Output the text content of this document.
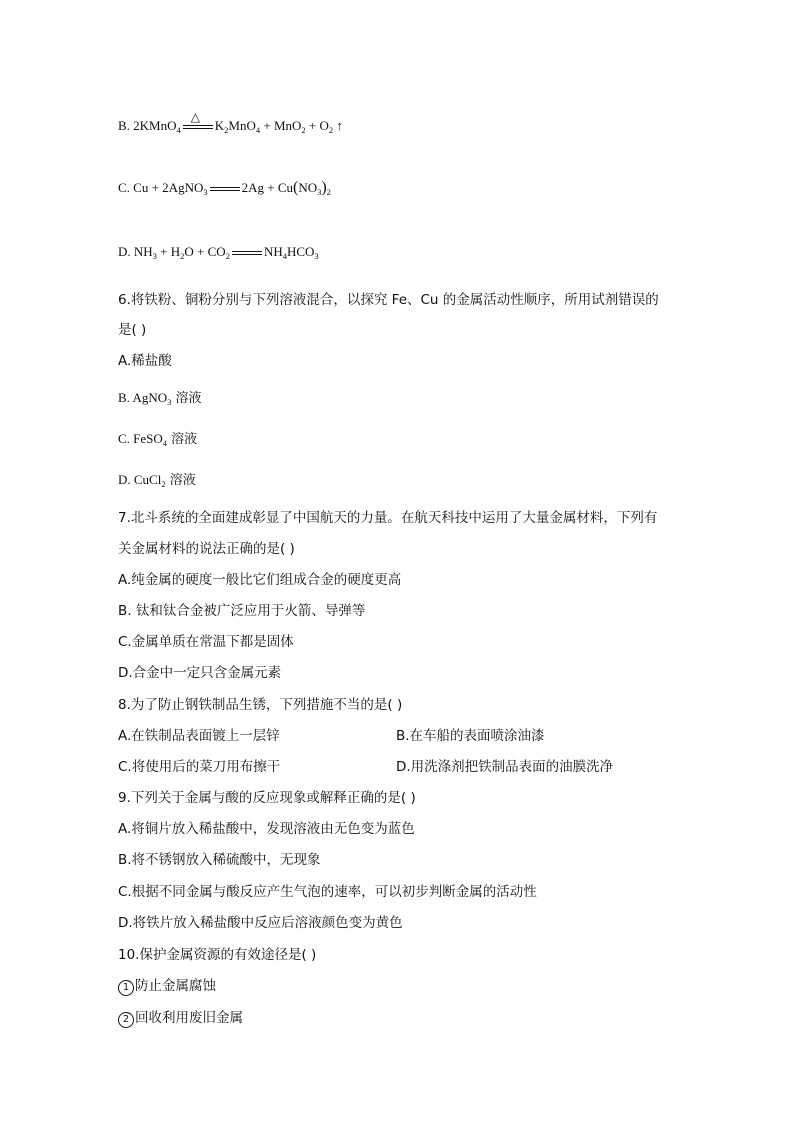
B. 2KMnO$_4$
△
$K_2MnO_4 + MnO_2 + O_2$ ↑
C. Cu + 2AgNO$_3$	$2Ag + Cu(NO_3)_2$
D. $NH_3 + H_2O + CO_2$	$NH_4HCO_3$
6.将铁粉、铜粉分别与下列溶液混合，以探究 Fe、Cu 的金属活动性顺序，所用试剂错误的
是( )
A.稀盐酸
B. AgNO$_3$ 溶液
C. FeSO$_4$ 溶液
D. CuCl$_2$ 溶液
7.北斗系统的全面建成彰显了中国航天的力量。在航天科技中运用了大量金属材料，下列有
关金属材料的说法正确的是( )
A.纯金属的硬度一般比它们组成合金的硬度更高
B. 钛和钛合金被广泛应用于火箭、导弹等
C.金属单质在常温下都是固体
D.合金中一定只含金属元素
8.为了防止钢铁制品生锈，下列措施不当的是( )
A.在铁制品表面镀上一层锌	B.在车船的表面喷涂油漆
C.将使用后的菜刀用布擦干	D.用洗涤剂把铁制品表面的油膜洗净
9.下列关于金属与酸的反应现象或解释正确的是( )
A.将铜片放入稀盐酸中，发现溶液由无色变为蓝色
B.将不锈钢放入稀硫酸中，无现象
C.根据不同金属与酸反应产生气泡的速率，可以初步判断金属的活动性
D.将铁片放入稀盐酸中反应后溶液颜色变为黄色
10.保护金属资源的有效途径是( )
1 防止金属腐蚀
2 回收利用废旧金属
